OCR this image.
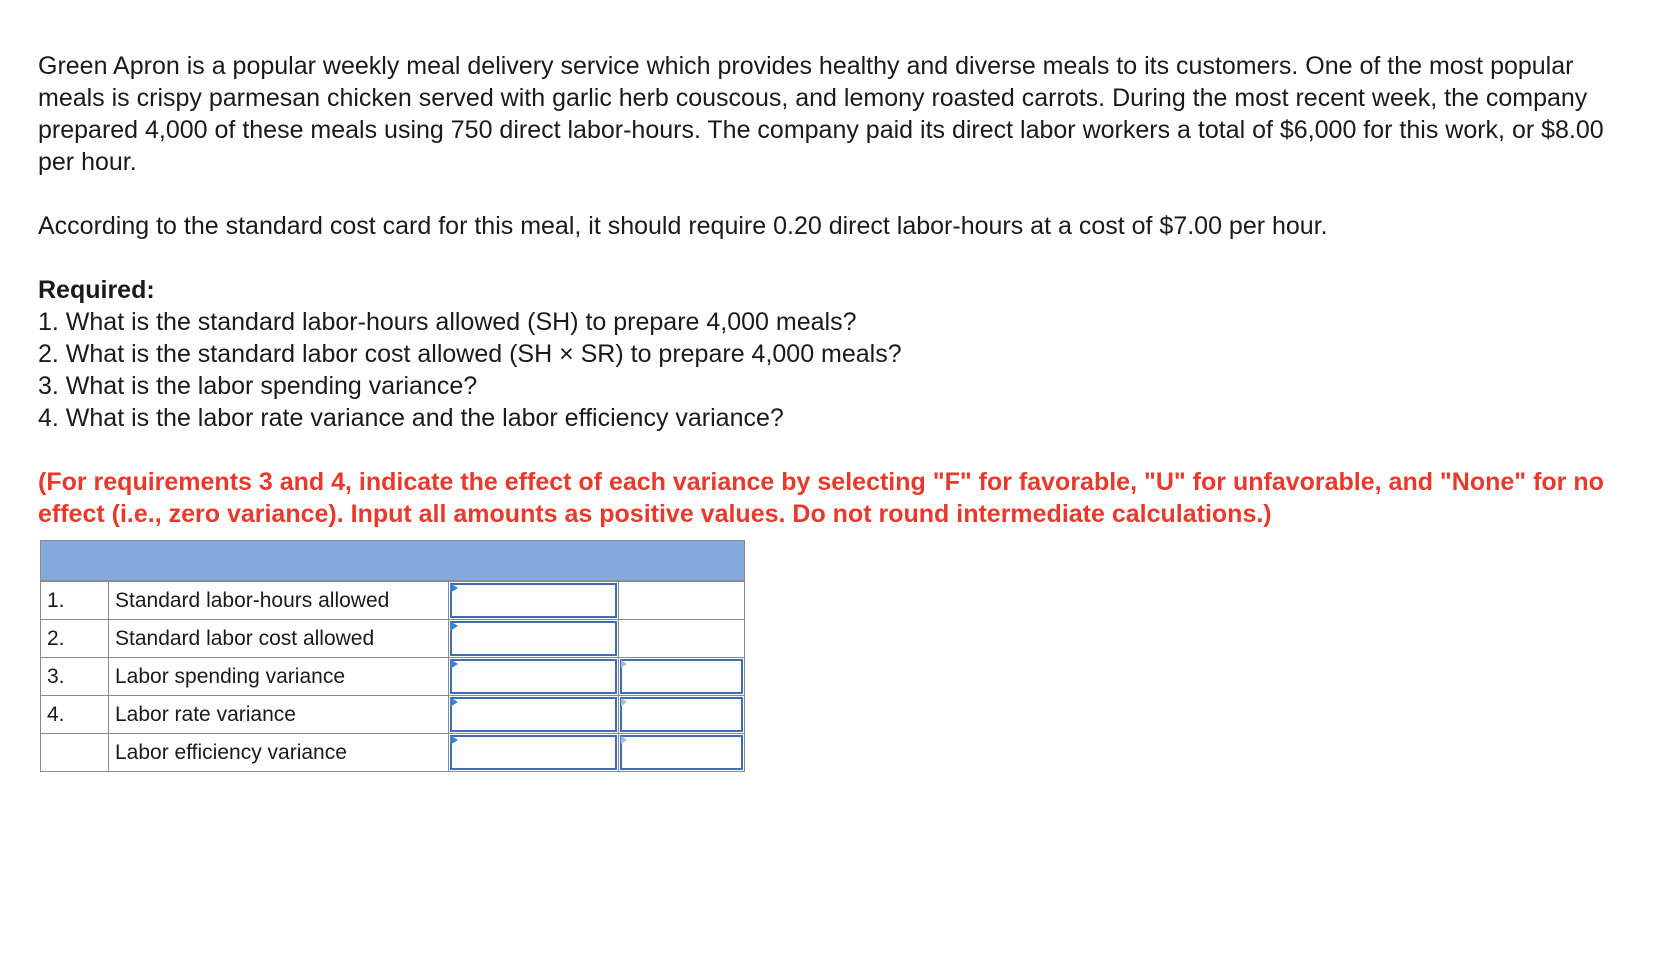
Green Apron is a popular weekly meal delivery service which provides healthy and diverse meals to its customers. One of the most popular meals is crispy parmesan chicken served with garlic herb couscous, and lemony roasted carrots. During the most recent week, the company prepared 4,000 of these meals using 750 direct labor-hours. The company paid its direct labor workers a total of $6,000 for this work, or $8.00 per hour.

According to the standard cost card for this meal, it should require 0.20 direct labor-hours at a cost of $7.00 per hour.

Required:

1. What is the standard labor-hours allowed (SH) to prepare 4,000 meals?

2. What is the standard labor cost allowed (SH × SR) to prepare 4,000 meals?

3. What is the labor spending variance?

4. What is the labor rate variance and the labor efficiency variance?

(For requirements 3 and 4, indicate the effect of each variance by selecting "F" for favorable, "U" for unfavorable, and "None" for no effect (i.e., zero variance). Input all amounts as positive values. Do not round intermediate calculations.)

1.	Standard labor-hours allowed	

2.	Standard labor cost allowed	

3.	Labor spending variance	

4.	Labor rate variance	

	Labor efficiency variance	
